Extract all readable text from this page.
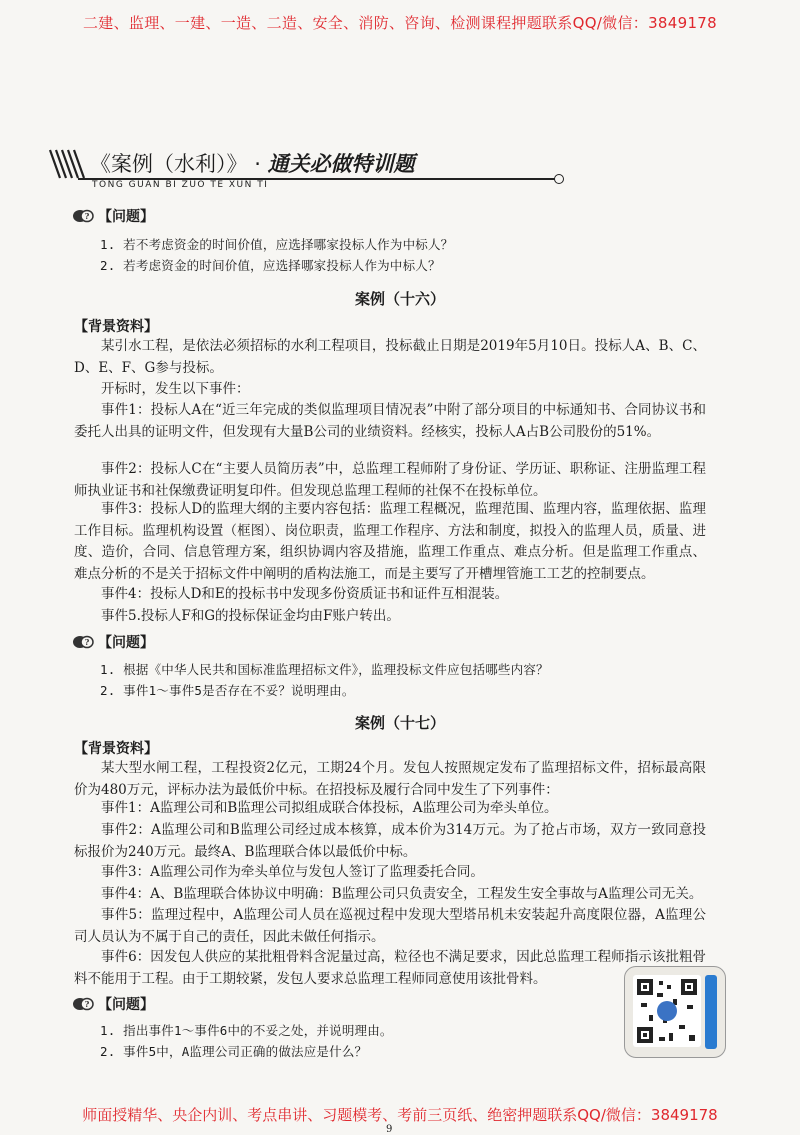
二建、监理、一建、一造、二造、安全、消防、咨询、检测课程押题联系QQ/微信：3849178
《案例（水利）》 · 通关必做特训题
TONG GUAN BI ZUO TE XUN TI
? 【问题】
1. 若不考虑资金的时间价值，应选择哪家投标人作为中标人？
2. 若考虑资金的时间价值，应选择哪家投标人作为中标人？
案例（十六）
【背景资料】

某引水工程，是依法必须招标的水利工程项目，投标截止日期是2019年5月10日。投标人A、B、C、D、E、F、G参与投标。

开标时，发生以下事件：

事件1：投标人A在“近三年完成的类似监理项目情况表”中附了部分项目的中标通知书、合同协议书和委托人出具的证明文件，但发现有大量B公司的业绩资料。经核实，投标人A占B公司股份的51%。

事件2：投标人C在“主要人员简历表”中，总监理工程师附了身份证、学历证、职称证、注册监理工程师执业证书和社保缴费证明复印件。但发现总监理工程师的社保不在投标单位。

事件3：投标人D的监理大纲的主要内容包括：监理工程概况，监理范围、监理内容，监理依据、监理工作目标。监理机构设置（框图）、岗位职责，监理工作程序、方法和制度，拟投入的监理人员，质量、进度、造价，合同、信息管理方案，组织协调内容及措施，监理工作重点、难点分析。但是监理工作重点、难点分析的不是关于招标文件中阐明的盾构法施工，而是主要写了开槽埋管施工工艺的控制要点。

事件4：投标人D和E的投标书中发现多份资质证书和证件互相混装。

事件5.投标人F和G的投标保证金均由F账户转出。

? 【问题】
1. 根据《中华人民共和国标准监理招标文件》，监理投标文件应包括哪些内容？
2. 事件1～事件5是否存在不妥？说明理由。
案例（十七）
【背景资料】

某大型水闸工程，工程投资2亿元，工期24个月。发包人按照规定发布了监理招标文件，招标最高限价为480万元，评标办法为最低价中标。在招投标及履行合同中发生了下列事件：

事件1：A监理公司和B监理公司拟组成联合体投标，A监理公司为牵头单位。

事件2：A监理公司和B监理公司经过成本核算，成本价为314万元。为了抢占市场，双方一致同意投标报价为240万元。最终A、B监理联合体以最低价中标。

事件3：A监理公司作为牵头单位与发包人签订了监理委托合同。

事件4：A、B监理联合体协议中明确：B监理公司只负责安全，工程发生安全事故与A监理公司无关。

事件5：监理过程中，A监理公司人员在巡视过程中发现大型塔吊机未安装起升高度限位器，A监理公司人员认为不属于自己的责任，因此未做任何指示。

事件6：因发包人供应的某批粗骨料含泥量过高，粒径也不满足要求，因此总监理工程师指示该批粗骨料不能用于工程。由于工期较紧，发包人要求总监理工程师同意使用该批骨料。

? 【问题】
1. 指出事件1～事件6中的不妥之处，并说明理由。
2. 事件5中，A监理公司正确的做法应是什么？
师面授精华、央企内训、考点串讲、习题模考、考前三页纸、绝密押题联系QQ/微信：3849178
9
